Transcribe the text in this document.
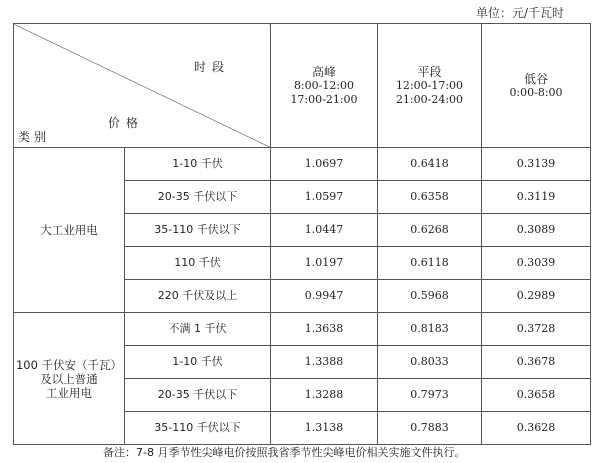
单位：元/千瓦时
时段
价格
类别		高峰
8:00-12:00
17:00-21:00	平段
12:00-17:00
21:00-24:00	低谷
0:00-8:00

大工业用电	1-10 千伏	1.0697	0.6418	0.3139
	20-35 千伏以下	1.0597	0.6358	0.3119
	35-110 千伏以下	1.0447	0.6268	0.3089
	110 千伏	1.0197	0.6118	0.3039
	220 千伏及以上	0.9947	0.5968	0.2989

100 千伏安（千瓦）
及以上普通
工业用电	不满 1 千伏	1.3638	0.8183	0.3728
	1-10 千伏	1.3388	0.8033	0.3678
	20-35 千伏以下	1.3288	0.7973	0.3658
	35-110 千伏以下	1.3138	0.7883	0.3628
备注：7-8 月季节性尖峰电价按照我省季节性尖峰电价相关实施文件执行。
